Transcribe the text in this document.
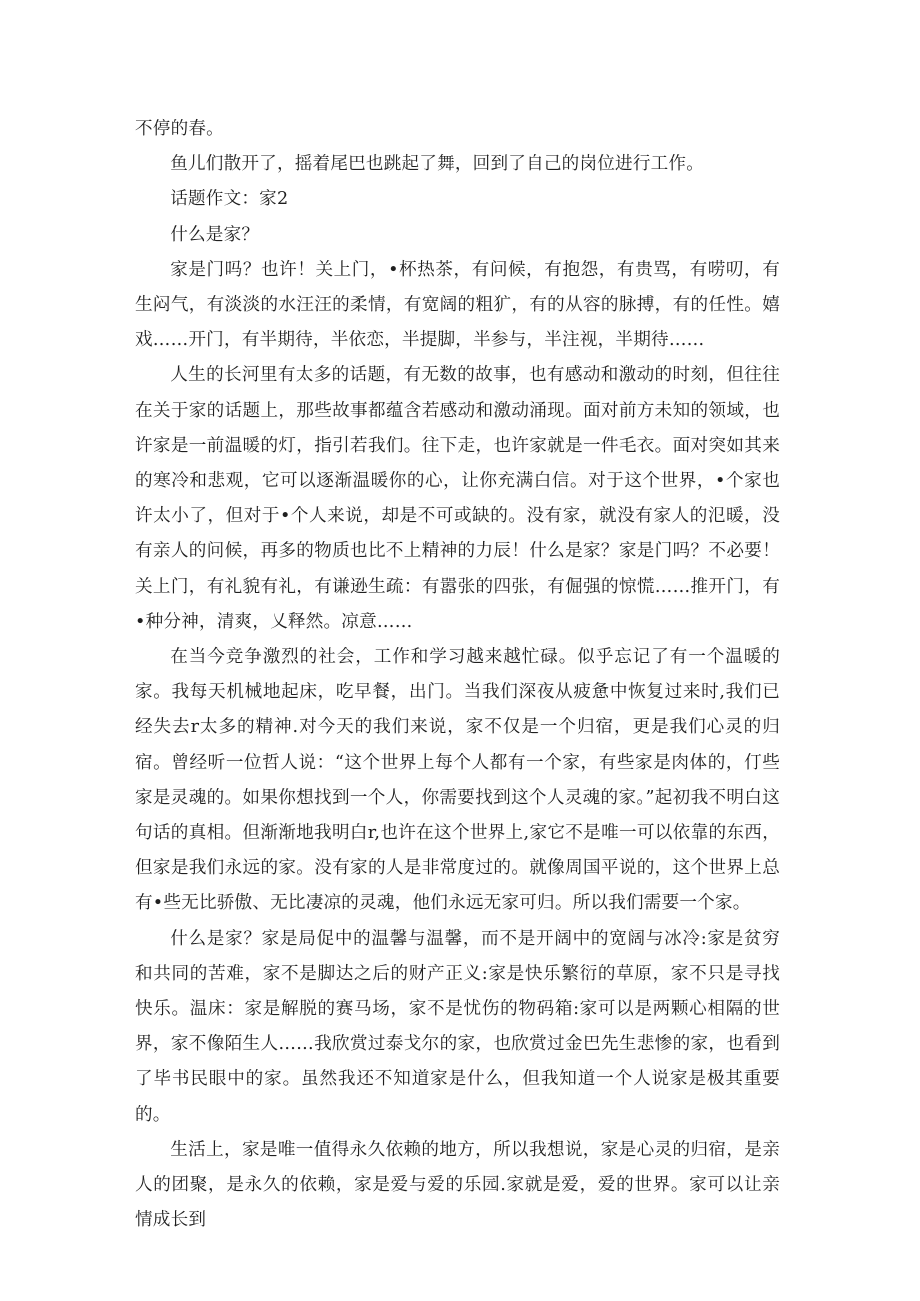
不停的春。

鱼儿们散开了，摇着尾巴也跳起了舞，回到了自己的岗位进行工作。

话题作文：家2

什么是家？

家是门吗？也许！关上门，•杯热茶，有问候，有抱怨，有贵骂，有唠叨，有生闷气，有淡淡的水汪汪的柔情，有宽阔的粗犷，有的从容的脉搏，有的任性。嬉戏……开门，有半期待，半依恋，半提脚，半参与，半注视，半期待……

人生的长河里有太多的话题，有无数的故事，也有感动和激动的时刻，但往往在关于家的话题上，那些故事都蕴含若感动和激动涌现。面对前方未知的领域，也许家是一前温暖的灯，指引若我们。往下走，也许家就是一件毛衣。面对突如其来的寒冷和悲观，它可以逐渐温暖你的心，让你充满白信。对于这个世界，•个家也许太小了，但对于•个人来说，却是不可或缺的。没有家，就没有家人的氾暖，没有亲人的问候，再多的物质也比不上精神的力辰！什么是家？家是门吗？不必要！关上门，有礼貌有礼，有谦逊生疏：有嚣张的四张，有倔强的惊慌……推开门，有•种分神，清爽，乂释然。凉意……

在当今竞争激烈的社会，工作和学习越来越忙碌。似乎忘记了有一个温暖的家。我每天机械地起床，吃早餐，出门。当我们深夜从疲惫中恢复过来时,我们已经失去r太多的精神.对今天的我们来说，家不仅是一个归宿，更是我们心灵的归宿。曾经听一位哲人说：“这个世界上每个人都有一个家，有些家是肉体的，仃些家是灵魂的。如果你想找到一个人，你需要找到这个人灵魂的家。”起初我不明白这句话的真相。但渐渐地我明白r,也许在这个世界上,家它不是唯一可以依靠的东西，但家是我们永远的家。没有家的人是非常度过的。就像周国平说的，这个世界上总有•些无比骄傲、无比凄凉的灵魂，他们永远无家可归。所以我们需要一个家。

什么是家？家是局促中的温馨与温馨，而不是开阔中的宽阔与冰冷:家是贫穷和共同的苦难，家不是脚达之后的财产正义:家是快乐繁衍的草原，家不只是寻找快乐。温床：家是解脱的赛马场，家不是忧伤的物码箱:家可以是两颗心相隔的世界，家不像陌生人……我欣赏过泰戈尔的家，也欣赏过金巴先生悲惨的家，也看到了毕书民眼中的家。虽然我还不知道家是什么，但我知道一个人说家是极其重要的。

生活上，家是唯一值得永久依赖的地方，所以我想说，家是心灵的归宿，是亲人的团聚，是永久的依赖，家是爱与爱的乐园.家就是爱，爱的世界。家可以让亲情成长到
